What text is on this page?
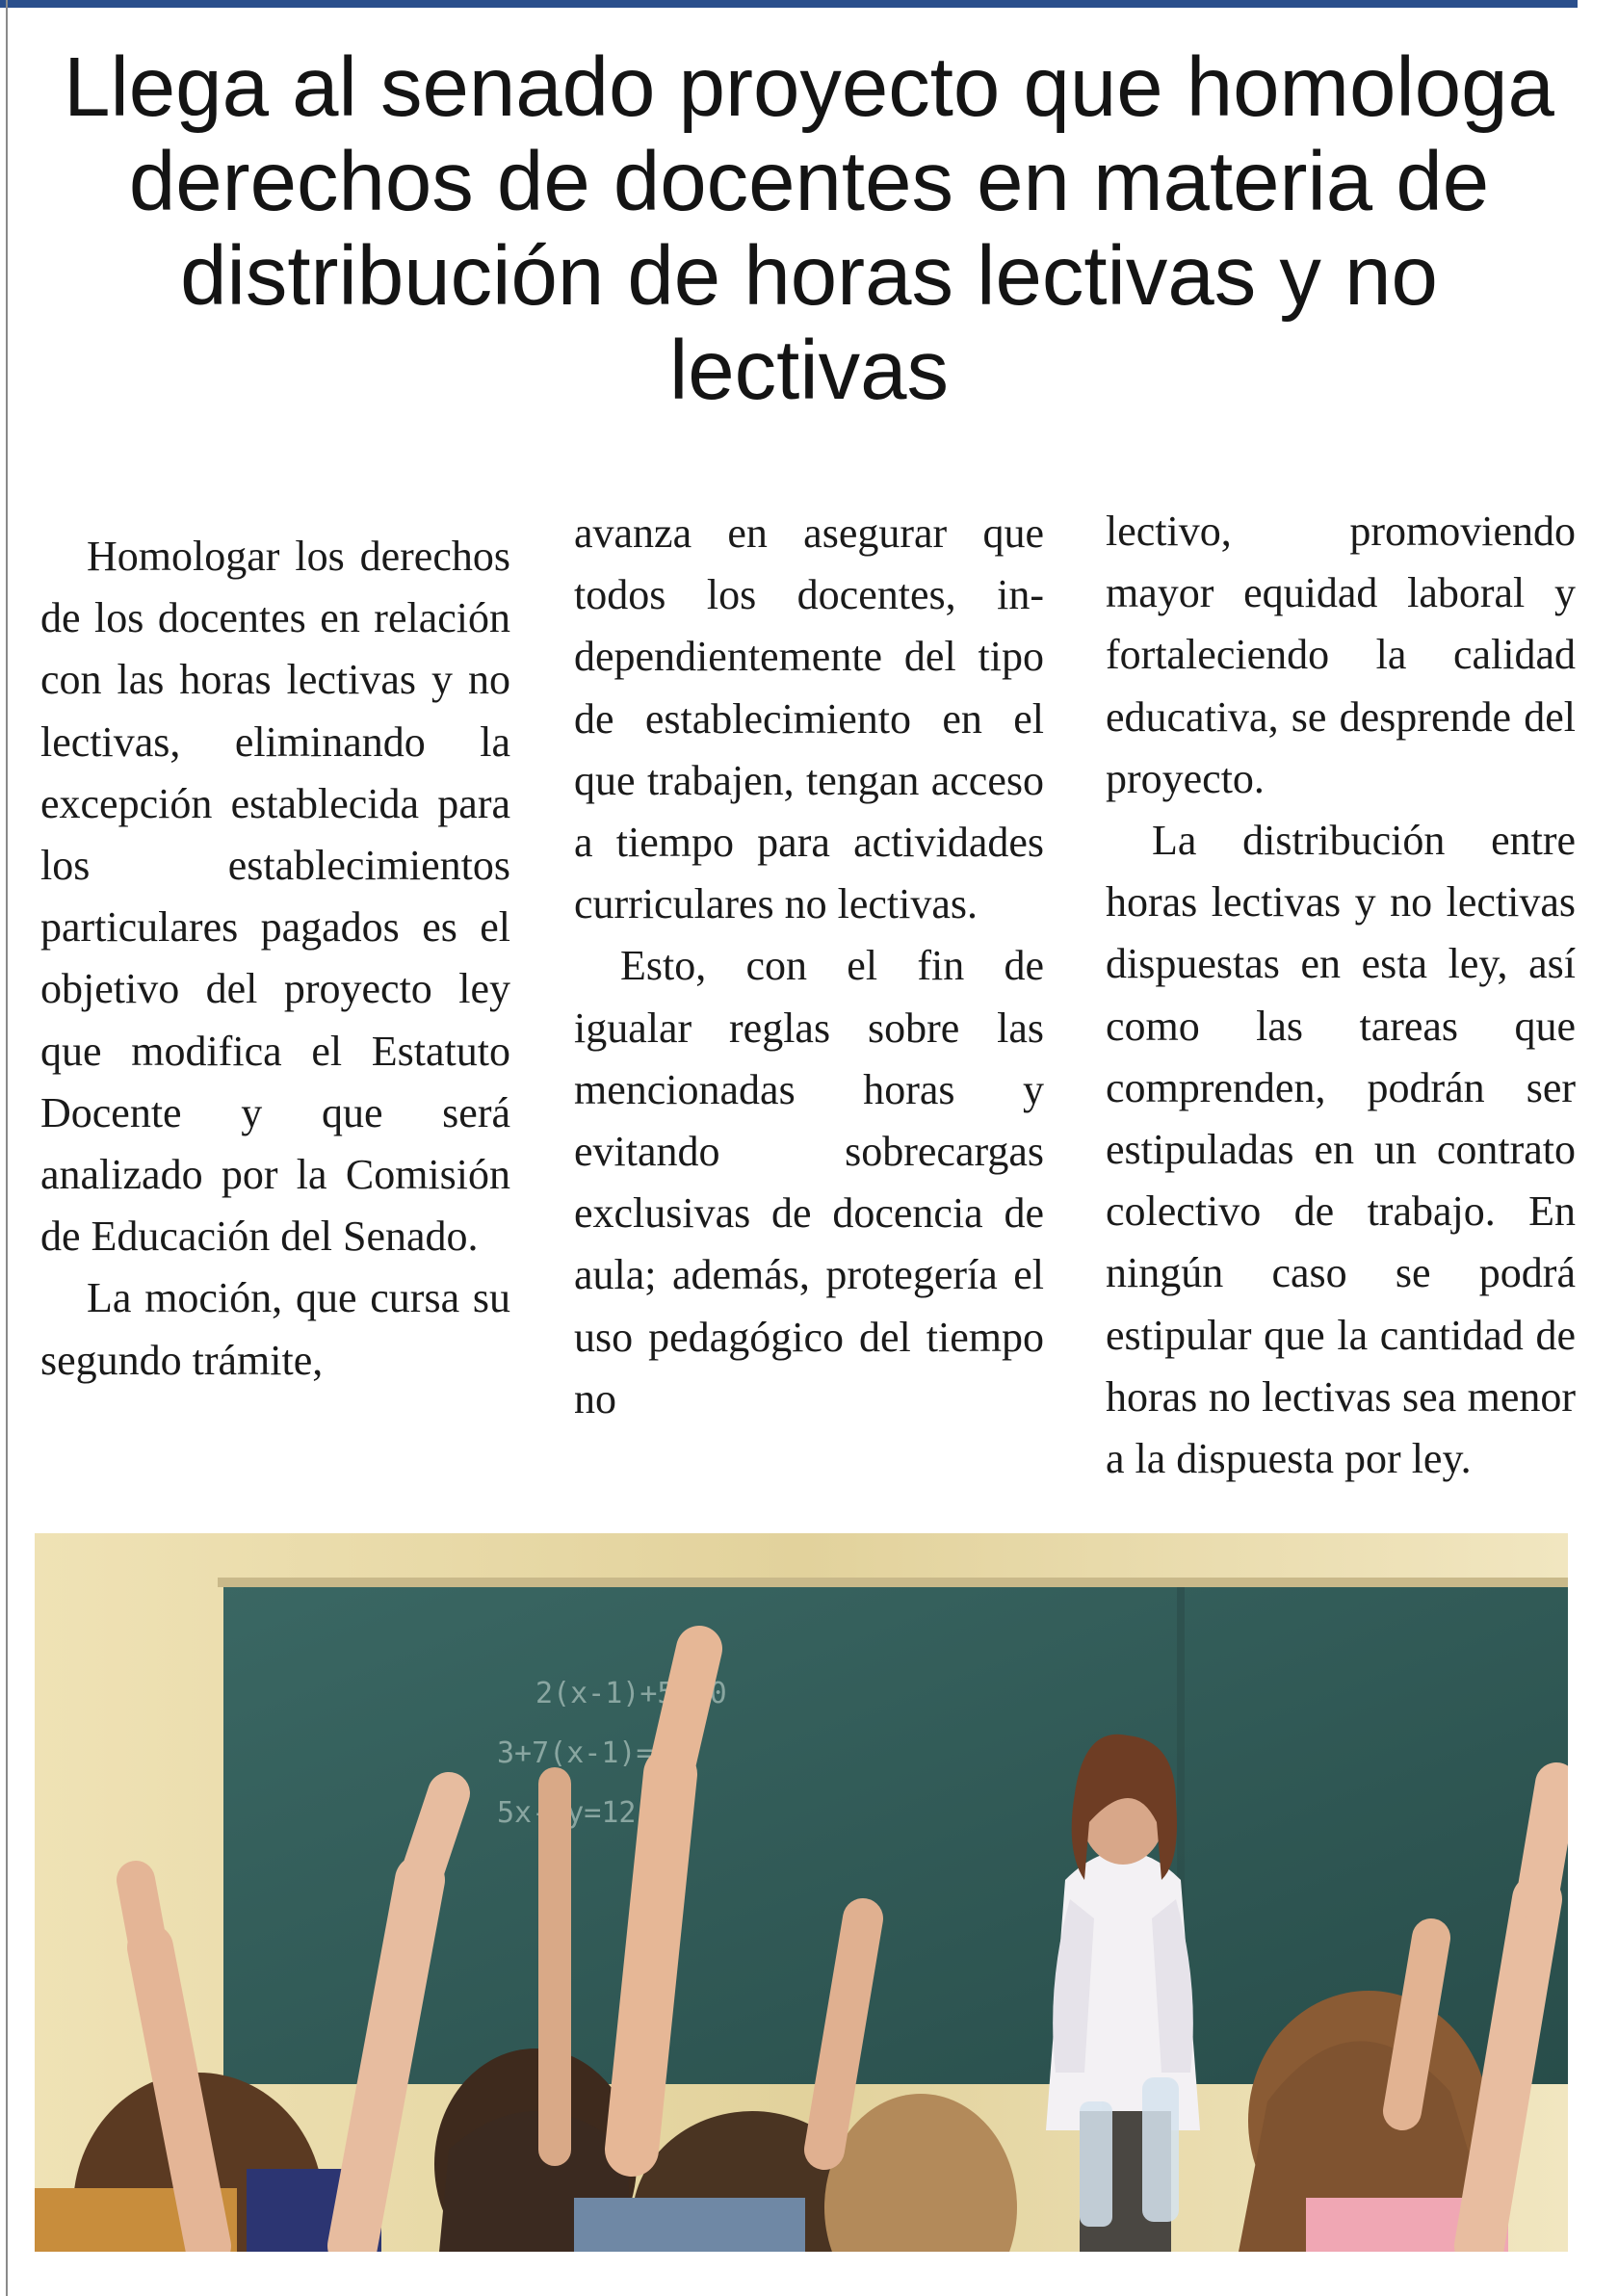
Llega al senado proyecto que homologa derechos de docentes en materia de distribución de horas lectivas y no lectivas

Homologar los derechos de los docentes en relación con las horas lectivas y no lectivas, eliminando la excepción establecida para los establecimientos particulares pagados es el objetivo del proyecto ley que modifica el Estatuto Docente y que será analizado por la Comisión de Educación del Senado.

La moción, que cursa su segundo trámite,

avanza en asegurar que todos los docentes, independientemente del tipo de establecimiento en el que trabajen, tengan acceso a tiempo para actividades curriculares no lectivas.

Esto, con el fin de igualar reglas sobre las mencionadas horas y evitando sobrecargas exclusivas de docencia de aula; además, protegería el uso pedagógico del tiempo no

lectivo, promoviendo mayor equidad laboral y fortaleciendo la calidad educativa, se desprende del proyecto.

La distribución entre horas lectivas y no lectivas dispuestas en esta ley, así como las tareas que comprenden, podrán ser estipuladas en un contrato colectivo de trabajo. En ningún caso se podrá estipular que la cantidad de horas no lectivas sea menor a la dispuesta por ley.

2(x-1)+5=10
3+7(x-1)=..
5x-3y=12
